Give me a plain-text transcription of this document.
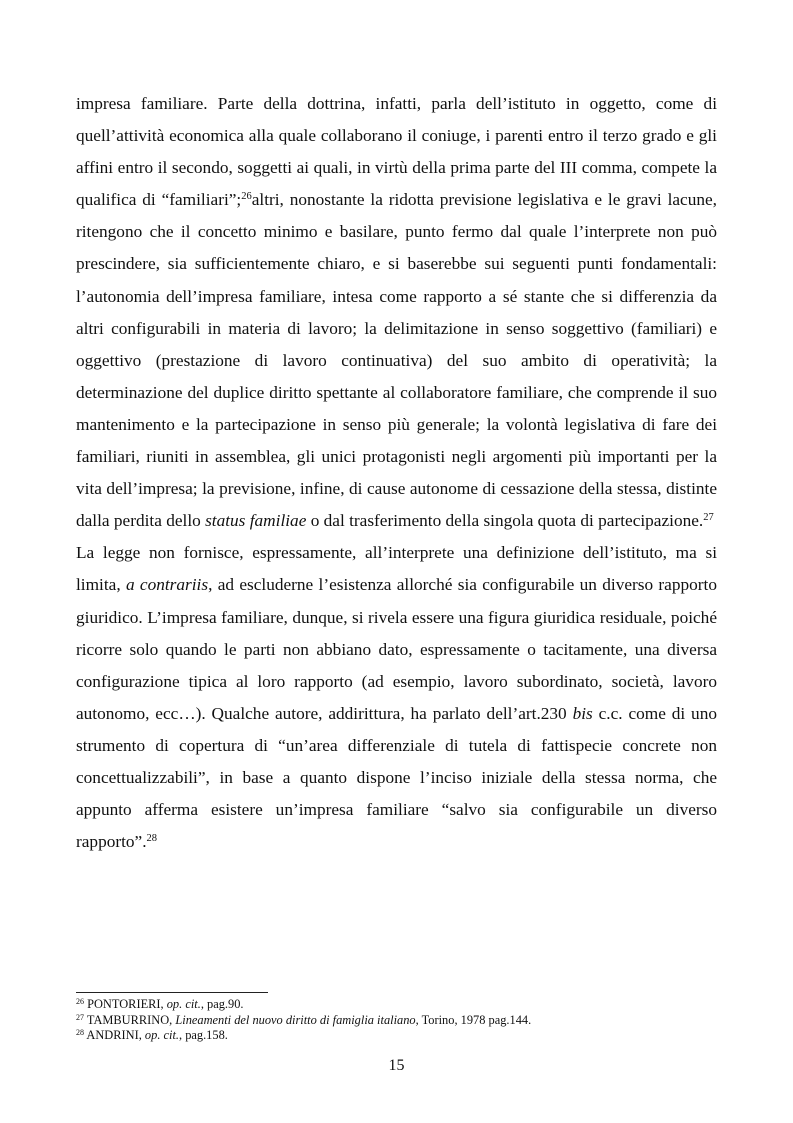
impresa familiare. Parte della dottrina, infatti, parla dell’istituto in oggetto, come di quell’attività economica alla quale collaborano il coniuge, i parenti entro il terzo grado e gli affini entro il secondo, soggetti ai quali, in virtù della prima parte del III comma, compete la qualifica di “familiari”;$^{26}$altri, nonostante la ridotta previsione legislativa e le gravi lacune, ritengono che il concetto minimo e basilare, punto fermo dal quale l’interprete non può prescindere, sia sufficientemente chiaro, e si baserebbe sui seguenti punti fondamentali: l’autonomia dell’impresa familiare, intesa come rapporto a sé stante che si differenzia da altri configurabili in materia di lavoro; la delimitazione in senso soggettivo (familiari) e oggettivo (prestazione di lavoro continuativa) del suo ambito di operatività; la determinazione del duplice diritto spettante al collaboratore familiare, che comprende il suo mantenimento e la partecipazione in senso più generale; la volontà legislativa di fare dei familiari, riuniti in assemblea, gli unici protagonisti negli argomenti più importanti per la vita dell’impresa; la previsione, infine, di cause autonome di cessazione della stessa, distinte dalla perdita dello status familiae o dal trasferimento della singola quota di partecipazione.$^{27}$

La legge non fornisce, espressamente, all’interprete una definizione dell’istituto, ma si limita, a contrariis, ad escluderne l’esistenza allorché sia configurabile un diverso rapporto giuridico. L’impresa familiare, dunque, si rivela essere una figura giuridica residuale, poiché ricorre solo quando le parti non abbiano dato, espressamente o tacitamente, una diversa configurazione tipica al loro rapporto (ad esempio, lavoro subordinato, società, lavoro autonomo, ecc…). Qualche autore, addirittura, ha parlato dell’art.230 bis c.c. come di uno strumento di copertura di “un’area differenziale di tutela di fattispecie concrete non concettualizzabili”, in base a quanto dispone l’inciso iniziale della stessa norma, che appunto afferma esistere un’impresa familiare “salvo sia configurabile un diverso rapporto”.$^{28}$

$^{26}$ PONTORIERI, op. cit., pag.90.
$^{27}$ TAMBURRINO, Lineamenti del nuovo diritto di famiglia italiano, Torino, 1978 pag.144.
$^{28}$ ANDRINI, op. cit., pag.158.
15
